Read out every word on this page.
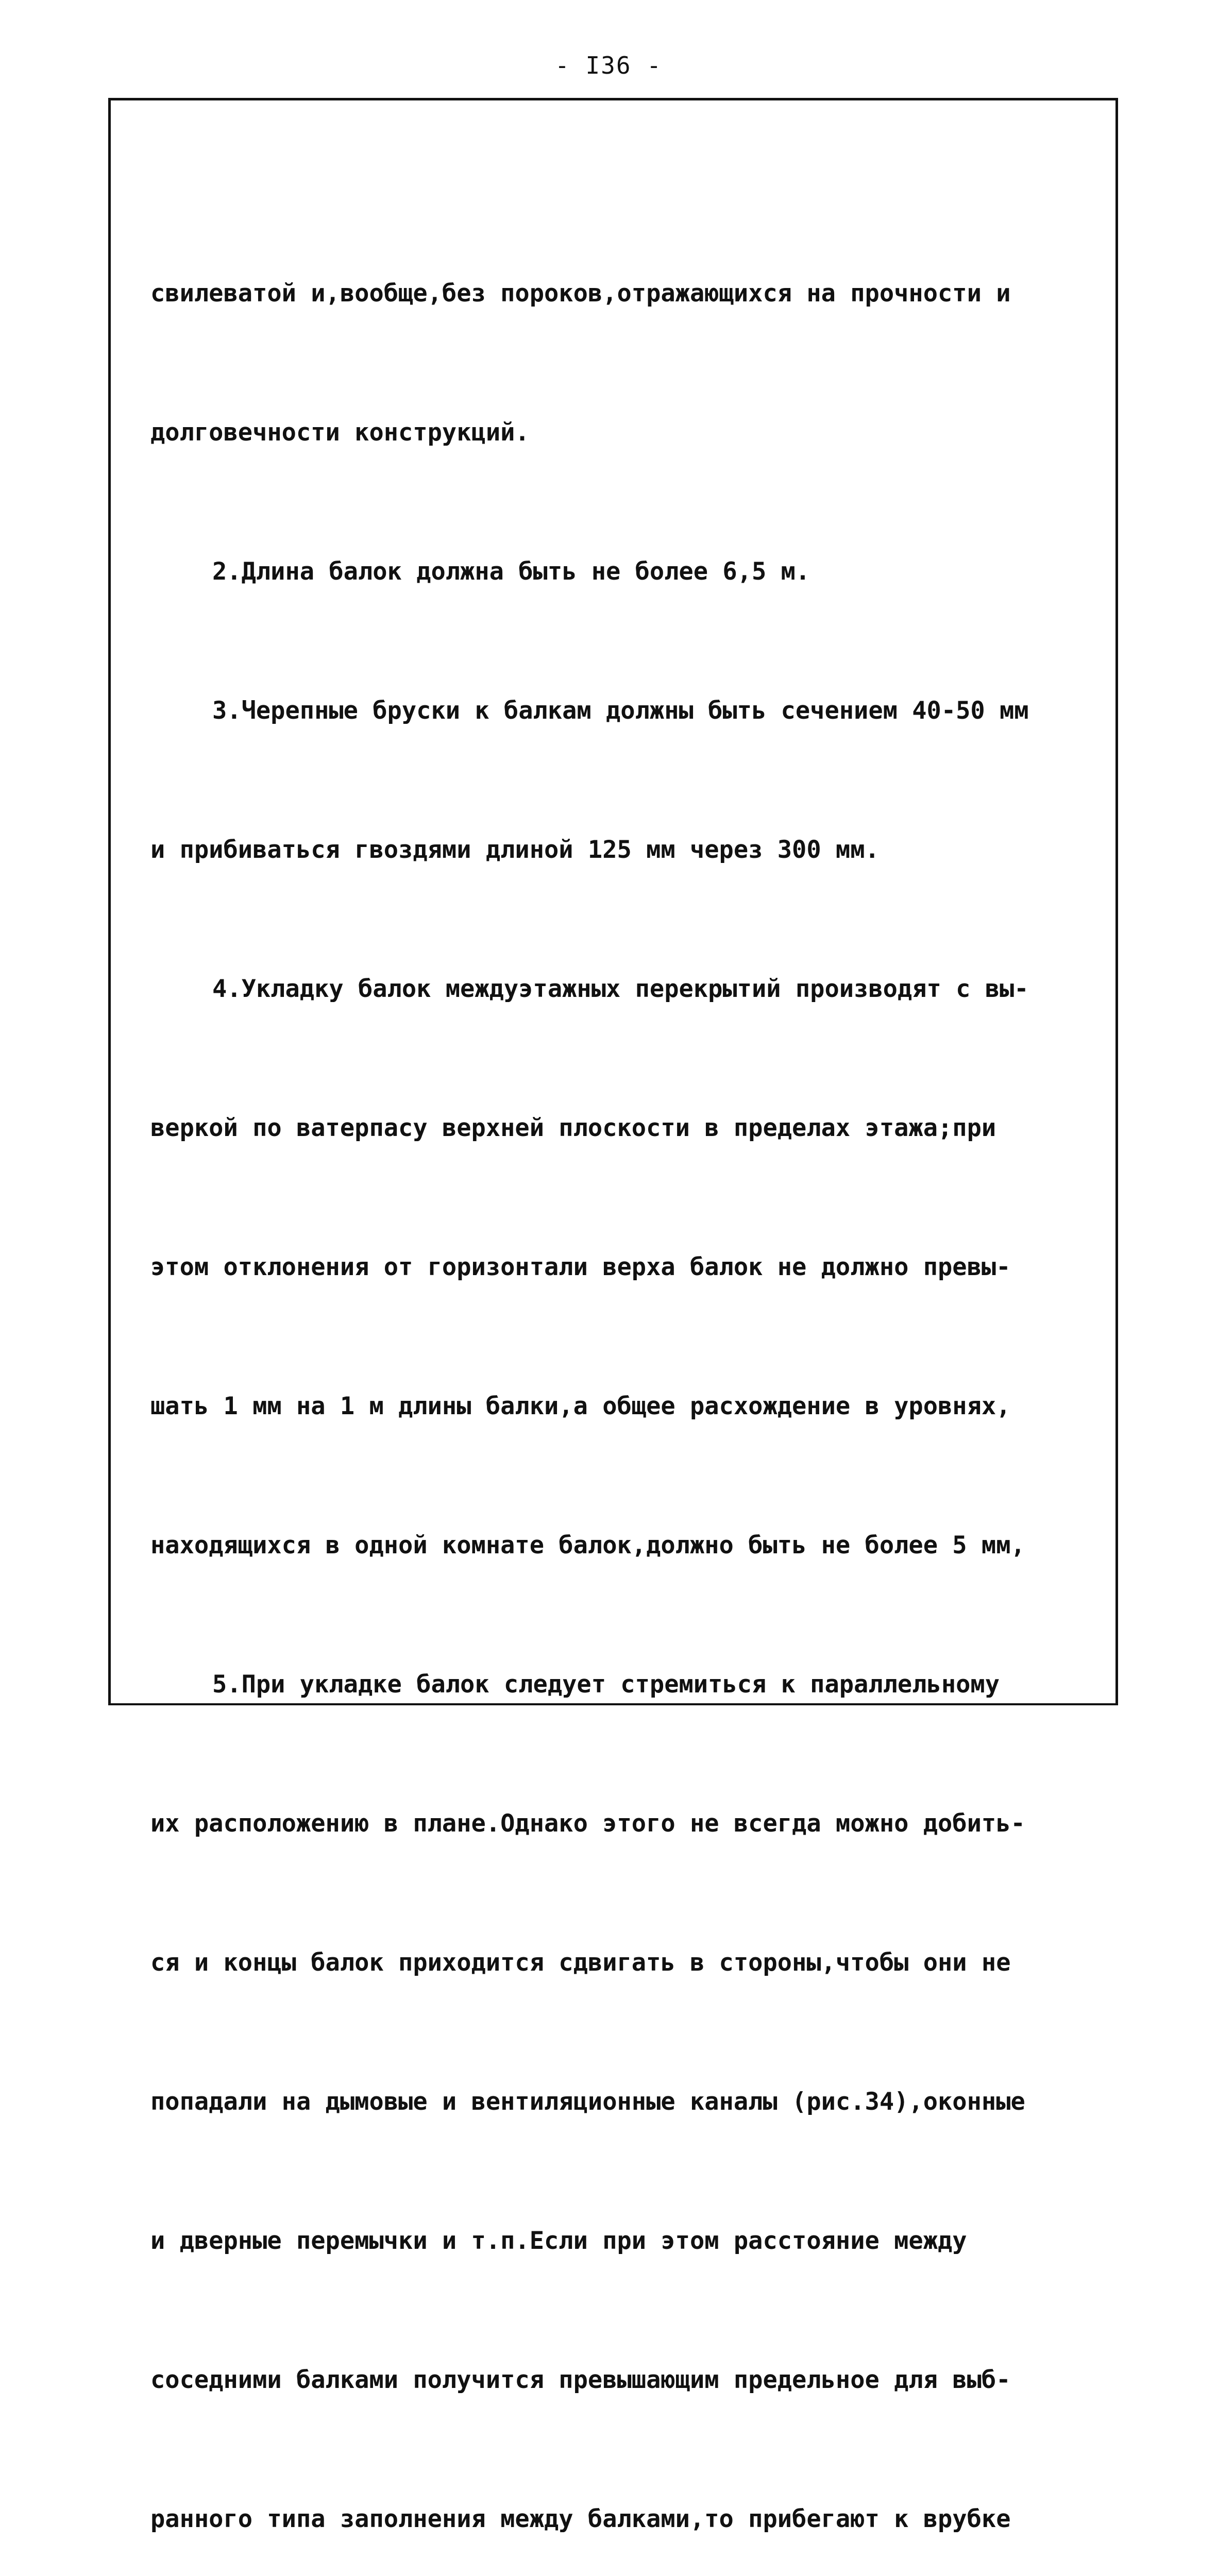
- I36 -

свилеватой и,вообще,без пороков,отражающихся на прочности и

долговечности конструкций.

2.Длина балок должна быть не более 6,5 м.

3.Черепные бруски к балкам должны быть сечением 40-50 мм

и прибиваться гвоздями длиной 125 мм через 300 мм.

4.Укладку балок междуэтажных перекрытий производят с вы-

веркой по ватерпасу верхней плоскости в пределах этажа;при

этом отклонения от горизонтали верха балок не должно превы-

шать 1 мм на 1 м длины балки,а общее расхождение в уровнях,

находящихся в одной комнате балок,должно быть не более 5 мм,

5.При укладке балок следует стремиться к параллельному

их расположению в плане.Однако этого не всегда можно добить-

ся и концы балок приходится сдвигать в стороны,чтобы они не

попадали на дымовые и вентиляционные каналы (рис.34),оконные

и дверные перемычки и т.п.Если при этом расстояние между

соседними балками получится превышающим предельное для выб-

ранного типа заполнения между балками,то прибегают к врубке
